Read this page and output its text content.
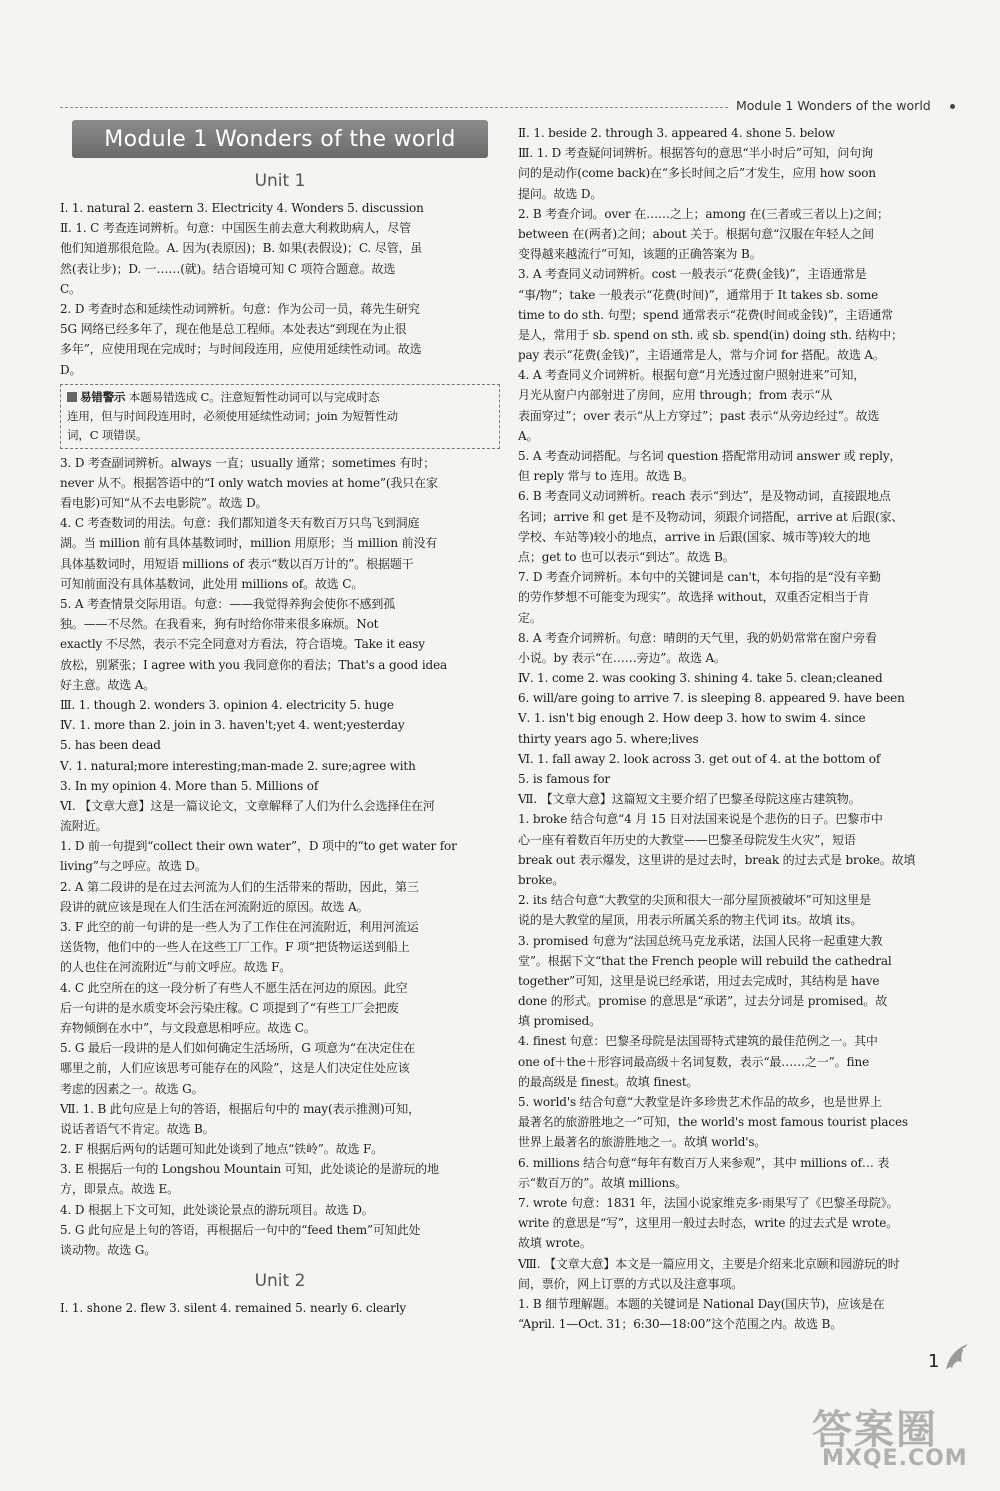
Module 1 Wonders of the world
Module 1 Wonders of the world
Unit 1
Ⅰ. 1. natural 2. eastern 3. Electricity 4. Wonders 5. discussion
Ⅱ. 1. C 考查连词辨析。句意：中国医生前去意大利救助病人，尽管
他们知道那很危险。A. 因为(表原因)；B. 如果(表假设)；C. 尽管，虽
然(表让步)；D. 一……(就)。结合语境可知 C 项符合题意。故选
C。
2. D 考查时态和延续性动词辨析。句意：作为公司一员，蒋先生研究
5G 网络已经多年了，现在他是总工程师。本处表达“到现在为止很
多年”，应使用现在完成时；与时间段连用，应使用延续性动词。故选
D。
易错警示 本题易错选成 C。注意短暂性动词可以与完成时态
连用，但与时间段连用时，必须使用延续性动词；join 为短暂性动
词，C 项错误。
3. D 考查副词辨析。always 一直；usually 通常；sometimes 有时；
never 从不。根据答语中的“I only watch movies at home”(我只在家
看电影)可知“从不去电影院”。故选 D。
4. C 考查数词的用法。句意：我们都知道冬天有数百万只鸟飞到洞庭
湖。当 million 前有具体基数词时，million 用原形；当 million 前没有
具体基数词时，用短语 millions of 表示“数以百万计的”。根据题干
可知前面没有具体基数词，此处用 millions of。故选 C。
5. A 考查情景交际用语。句意：——我觉得养狗会使你不感到孤
独。——不尽然。在我看来，狗有时给你带来很多麻烦。Not
exactly 不尽然，表示不完全同意对方看法，符合语境。Take it easy
放松，别紧张；I agree with you 我同意你的看法；That's a good idea
好主意。故选 A。
Ⅲ. 1. though 2. wonders 3. opinion 4. electricity 5. huge
Ⅳ. 1. more than 2. join in 3. haven't;yet 4. went;yesterday
5. has been dead
Ⅴ. 1. natural;more interesting;man-made 2. sure;agree with
3. In my opinion 4. More than 5. Millions of
Ⅵ. 【文章大意】这是一篇议论文，文章解释了人们为什么会选择住在河
流附近。
1. D 前一句提到“collect their own water”，D 项中的“to get water for
living”与之呼应。故选 D。
2. A 第二段讲的是在过去河流为人们的生活带来的帮助，因此，第三
段讲的就应该是现在人们生活在河流附近的原因。故选 A。
3. F 此空的前一句讲的是一些人为了工作住在河流附近，利用河流运
送货物，他们中的一些人在这些工厂工作。F 项“把货物运送到船上
的人也住在河流附近”与前文呼应。故选 F。
4. C 此空所在的这一段分析了有些人不愿生活在河边的原因。此空
后一句讲的是水质变坏会污染庄稼。C 项提到了“有些工厂会把废
弃物倾倒在水中”，与文段意思相呼应。故选 C。
5. G 最后一段讲的是人们如何确定生活场所，G 项意为“在决定住在
哪里之前，人们应该思考可能存在的风险”，这是人们决定住处应该
考虑的因素之一。故选 G。
Ⅶ. 1. B 此句应是上句的答语，根据后句中的 may(表示推测)可知，
说话者语气不肯定。故选 B。
2. F 根据后两句的话题可知此处谈到了地点“铁岭”。故选 F。
3. E 根据后一句的 Longshou Mountain 可知，此处谈论的是游玩的地
方，即景点。故选 E。
4. D 根据上下文可知，此处谈论景点的游玩项目。故选 D。
5. G 此句应是上句的答语，再根据后一句中的“feed them”可知此处
谈动物。故选 G。
Unit 2
Ⅰ. 1. shone 2. flew 3. silent 4. remained 5. nearly 6. clearly
Ⅱ. 1. beside 2. through 3. appeared 4. shone 5. below
Ⅲ. 1. D 考查疑问词辨析。根据答句的意思“半小时后”可知，问句询
问的是动作(come back)在“多长时间之后”才发生，应用 how soon
提问。故选 D。
2. B 考查介词。over 在……之上；among 在(三者或三者以上)之间；
between 在(两者)之间；about 关于。根据句意“汉服在年轻人之间
变得越来越流行”可知，该题的正确答案为 B。
3. A 考查同义动词辨析。cost 一般表示“花费(金钱)”，主语通常是
“事/物”；take 一般表示“花费(时间)”，通常用于 It takes sb. some
time to do sth. 句型；spend 通常表示“花费(时间或金钱)”，主语通常
是人，常用于 sb. spend on sth. 或 sb. spend(in) doing sth. 结构中；
pay 表示“花费(金钱)”，主语通常是人，常与介词 for 搭配。故选 A。
4. A 考查同义介词辨析。根据句意“月光透过窗户照射进来”可知，
月光从窗户内部射进了房间，应用 through；from 表示“从
表面穿过”；over 表示“从上方穿过”；past 表示“从旁边经过”。故选
A。
5. A 考查动词搭配。与名词 question 搭配常用动词 answer 或 reply，
但 reply 常与 to 连用。故选 B。
6. B 考查同义动词辨析。reach 表示“到达”，是及物动词，直接跟地点
名词；arrive 和 get 是不及物动词，须跟介词搭配，arrive at 后跟(家、
学校、车站等)较小的地点，arrive in 后跟(国家、城市等)较大的地
点；get to 也可以表示“到达”。故选 B。
7. D 考查介词辨析。本句中的关键词是 can't，本句指的是“没有辛勤
的劳作梦想不可能变为现实”。故选择 without，双重否定相当于肯
定。
8. A 考查介词辨析。句意：晴朗的天气里，我的奶奶常常在窗户旁看
小说。by 表示“在……旁边”。故选 A。
Ⅳ. 1. come 2. was cooking 3. shining 4. take 5. clean;cleaned
6. will/are going to arrive 7. is sleeping 8. appeared 9. have been
Ⅴ. 1. isn't big enough 2. How deep 3. how to swim 4. since
thirty years ago 5. where;lives
Ⅵ. 1. fall away 2. look across 3. get out of 4. at the bottom of
5. is famous for
Ⅶ. 【文章大意】这篇短文主要介绍了巴黎圣母院这座古建筑物。
1. broke 结合句意“4 月 15 日对法国来说是个悲伤的日子。巴黎市中
心一座有着数百年历史的大教堂——巴黎圣母院发生火灾”，短语
break out 表示爆发，这里讲的是过去时，break 的过去式是 broke。故填
broke。
2. its 结合句意“大教堂的尖顶和很大一部分屋顶被破坏”可知这里是
说的是大教堂的屋顶，用表示所属关系的物主代词 its。故填 its。
3. promised 句意为“法国总统马克龙承诺，法国人民将一起重建大教
堂”。根据下文“that the French people will rebuild the cathedral
together”可知，这里是说已经承诺，用过去完成时，其结构是 have
done 的形式。promise 的意思是“承诺”，过去分词是 promised。故
填 promised。
4. finest 句意：巴黎圣母院是法国哥特式建筑的最佳范例之一。其中
one of＋the＋形容词最高级＋名词复数，表示“最……之一”。fine
的最高级是 finest。故填 finest。
5. world's 结合句意“大教堂是许多珍贵艺术作品的故乡，也是世界上
最著名的旅游胜地之一”可知，the world's most famous tourist places
世界上最著名的旅游胜地之一。故填 world's。
6. millions 结合句意“每年有数百万人来参观”，其中 millions of… 表
示“数百万的”。故填 millions。
7. wrote 句意：1831 年，法国小说家维克多·雨果写了《巴黎圣母院》。
write 的意思是“写”，这里用一般过去时态，write 的过去式是 wrote。
故填 wrote。
Ⅷ. 【文章大意】本文是一篇应用文，主要是介绍来北京颐和园游玩的时
间，票价，网上订票的方式以及注意事项。
1. B 细节理解题。本题的关键词是 National Day(国庆节)，应该是在
“April. 1—Oct. 31；6:30—18:00”这个范围之内。故选 B。
1
答案圈
MXQE.COM
